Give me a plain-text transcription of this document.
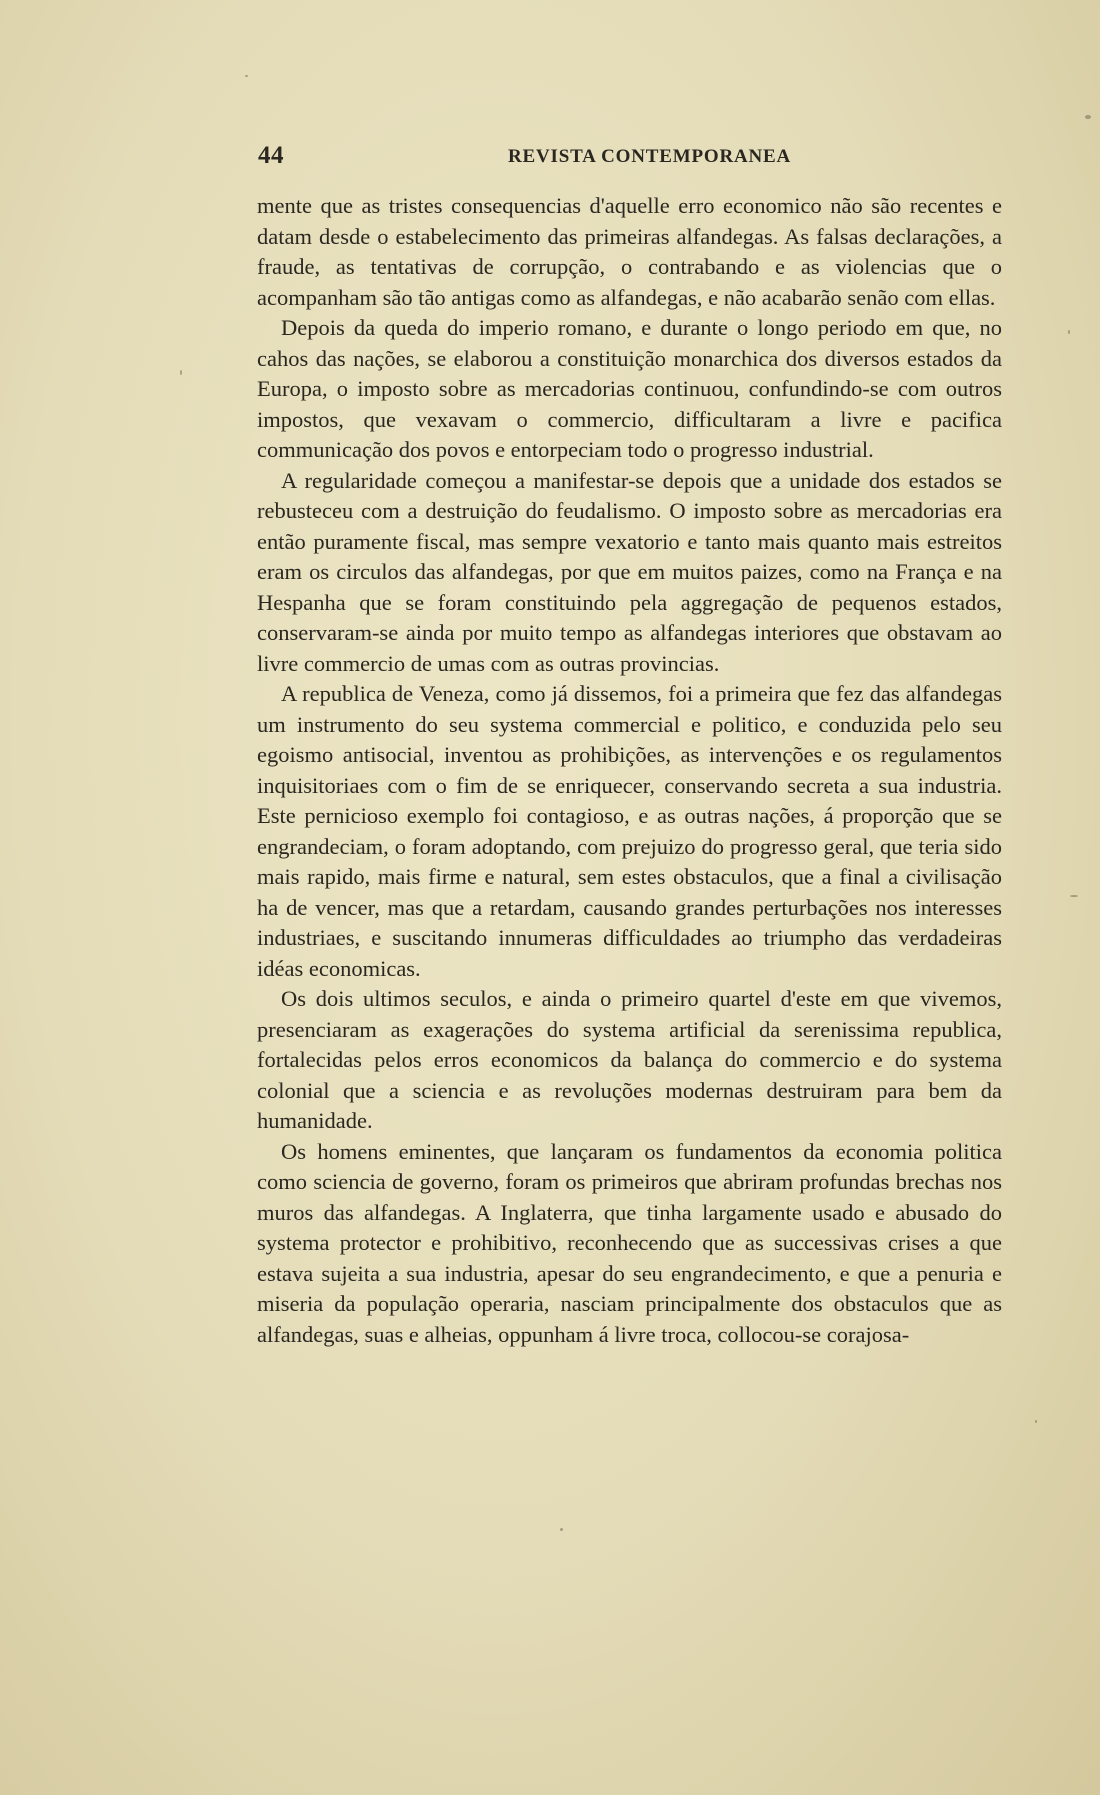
44	REVISTA CONTEMPORANEA

mente que as tristes consequencias d'aquelle erro economico não são recentes e datam desde o estabelecimento das primeiras alfandegas. As falsas declarações, a fraude, as tentativas de corrupção, o contrabando e as violencias que o acompanham são tão antigas como as alfandegas, e não acabarão senão com ellas.

Depois da queda do imperio romano, e durante o longo periodo em que, no cahos das nações, se elaborou a constituição monarchica dos diversos estados da Europa, o imposto sobre as mercadorias continuou, confundindo-se com outros impostos, que vexavam o commercio, difficultaram a livre e pacifica communicação dos povos e entorpeciam todo o progresso industrial.

A regularidade começou a manifestar-se depois que a unidade dos estados se rebusteceu com a destruição do feudalismo. O imposto sobre as mercadorias era então puramente fiscal, mas sempre vexatorio e tanto mais quanto mais estreitos eram os circulos das alfandegas, por que em muitos paizes, como na França e na Hespanha que se foram constituindo pela aggregação de pequenos estados, conservaram-se ainda por muito tempo as alfandegas interiores que obstavam ao livre commercio de umas com as outras provincias.

A republica de Veneza, como já dissemos, foi a primeira que fez das alfandegas um instrumento do seu systema commercial e politico, e conduzida pelo seu egoismo antisocial, inventou as prohibições, as intervenções e os regulamentos inquisitoriaes com o fim de se enriquecer, conservando secreta a sua industria. Este pernicioso exemplo foi contagioso, e as outras nações, á proporção que se engrandeciam, o foram adoptando, com prejuizo do progresso geral, que teria sido mais rapido, mais firme e natural, sem estes obstaculos, que a final a civilisação ha de vencer, mas que a retardam, causando grandes perturbações nos interesses industriaes, e suscitando innumeras difficuldades ao triumpho das verdadeiras idéas economicas.

Os dois ultimos seculos, e ainda o primeiro quartel d'este em que vivemos, presenciaram as exagerações do systema artificial da serenissima republica, fortalecidas pelos erros economicos da balança do commercio e do systema colonial que a sciencia e as revoluções modernas destruiram para bem da humanidade.

Os homens eminentes, que lançaram os fundamentos da economia politica como sciencia de governo, foram os primeiros que abriram profundas brechas nos muros das alfandegas. A Inglaterra, que tinha largamente usado e abusado do systema protector e prohibitivo, reconhecendo que as successivas crises a que estava sujeita a sua industria, apesar do seu engrandecimento, e que a penuria e miseria da população operaria, nasciam principalmente dos obstaculos que as alfandegas, suas e alheias, oppunham á livre troca, collocou-se corajosa-
